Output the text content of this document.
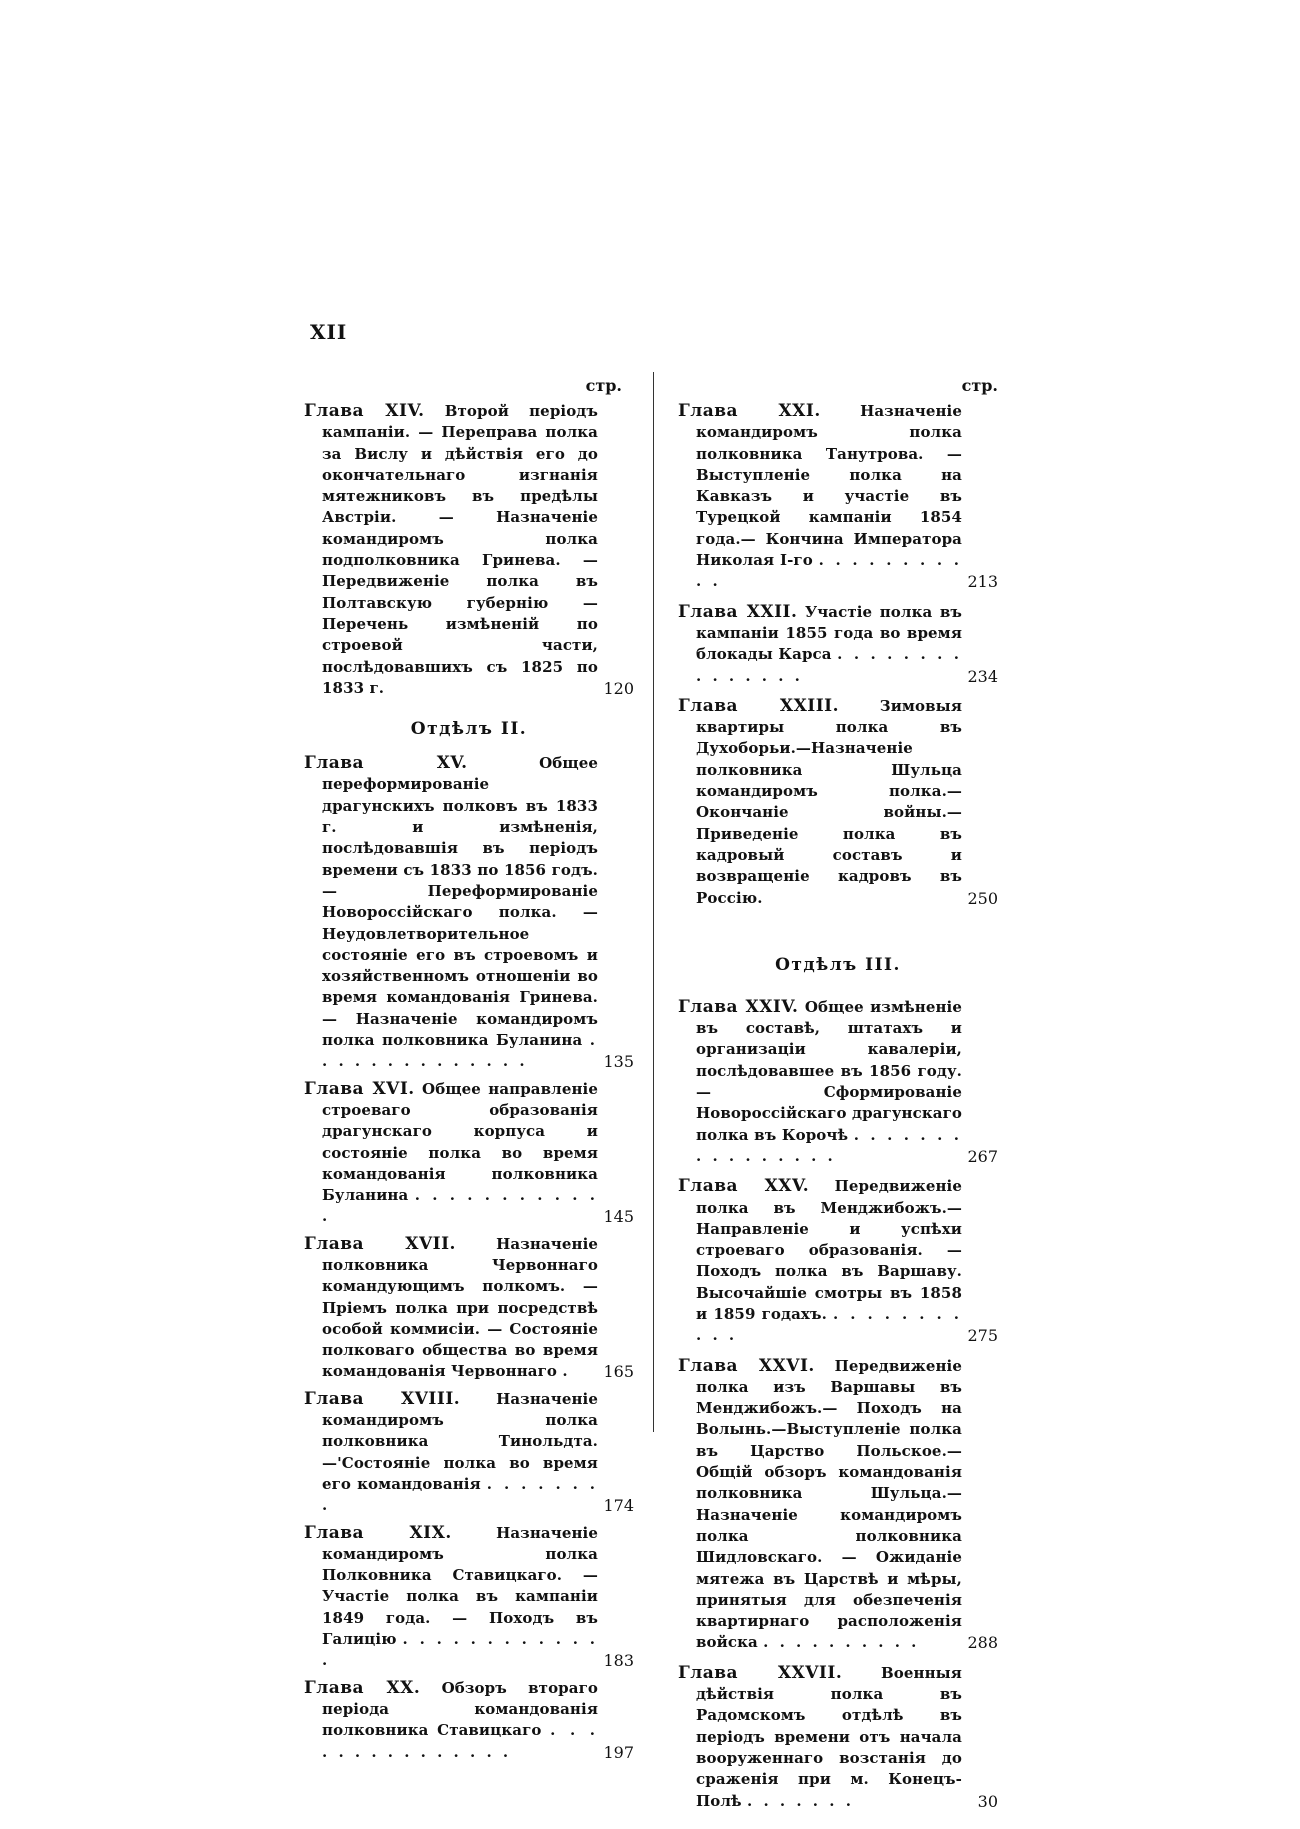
XII
стр.
Глава XIV. Второй періодъ кампаніи. — Переправа полка за Вислу и дѣйствія его до окончательнаго изгнанія мятежниковъ въ предѣлы Австріи. — Назначеніе командиромъ полка подполковника Гринева. — Передвиженіе полка въ Полтавскую губернію —Перечень измѣненій по строевой части, послѣдовавшихъ съ 1825 по 1833 г.	120
Отдѣлъ II.
Глава XV.	Общее переформированіе драгунскихъ полковъ въ 1833 г. и измѣненія, послѣдовавшія въ періодъ времени съ 1833 по 1856 годъ. — Переформированіе Новороссійскаго полка. — Неудовлетворительное состояніе его въ строевомъ и хозяйственномъ отношеніи во время командованія Гринева. — Назначеніе командиромъ полка полковника Буланина . . . . . . . . . . . . . .	135
Глава XVI. Общее направленіе строеваго образованія драгунскаго корпуса и состояніе полка во время командованія полковника Буланина . . . . . . . . . . . .	145
Глава XVII.	Назначеніе полковника Червоннаго командующимъ полкомъ. — Пріемъ полка при посредствѣ особой коммисіи. — Состояніе полковаго общества во время командованія Червоннаго .	165
Глава XVIII. Назначеніе командиромъ полка полковника Тинольдта. —'Состояніе полка во время его командованія . . . . . . . .	174
Глава XIX.	Назначеніе командиромъ полка Полковника Ставицкаго. — Участіе полка въ кампаніи 1849 года. — Походъ въ Галицію . . . . . . . . . . . . .	183
Глава XX. Обзоръ втораго періода командованія полковника Ставицкаго . . . . . . . . . . . . . . .	197
стр.
Глава XXI.	Назначеніе командиромъ полка полковника Танутрова. — Выступленіе полка на Кавказъ и участіе въ Турецкой кампаніи 1854 года.— Кончина Императора Николая I-го . . . . . . . . . . .	213
Глава XXII. Участіе полка въ кампаніи 1855 года во время блокады Карса . . . . . . . . . . . . . . .	234
Глава XXIII.	Зимовыя квартиры полка въ Духоборьи.—Назначеніе полковника Шульца командиромъ полка.—Окончаніе войны.— Приведеніе полка въ кадровый составъ и возвращеніе кадровъ въ Россію.	250
Отдѣлъ III.
Глава XXIV. Общее измѣненіе въ составѣ, штатахъ и организаціи кавалеріи, послѣдовавшее въ 1856 году. — Сформированіе Новороссійскаго драгунскаго полка въ Корочѣ . . . . . . . . . . . . . . . .	267
Глава XXV. Передвиженіе полка въ Менджибожъ.—Направленіе и успѣхи строеваго образованія. — Походъ полка въ Варшаву. Высочайшіе смотры въ 1858 и 1859 годахъ. . . . . . . . . . . .	275
Глава XXVI. Передвиженіе полка изъ Варшавы въ Менджибожъ.— Походъ на Волынь.—Выступленіе полка въ Царство Польское.—Общій обзоръ командованія полковника Шульца.—Назначеніе командиромъ полка полковника Шидловскаго. — Ожиданіе мятежа въ Царствѣ и мѣры, принятыя для обезпеченія квартирнаго расположенія войска . . . . . . . . . .	288
Глава XXVII.	Военныя дѣйствія полка въ Радомскомъ отдѣлѣ въ періодъ времени отъ начала вооруженнаго возстанія до сраженія при м. Конецъ-Полѣ . . . . . . .	30
